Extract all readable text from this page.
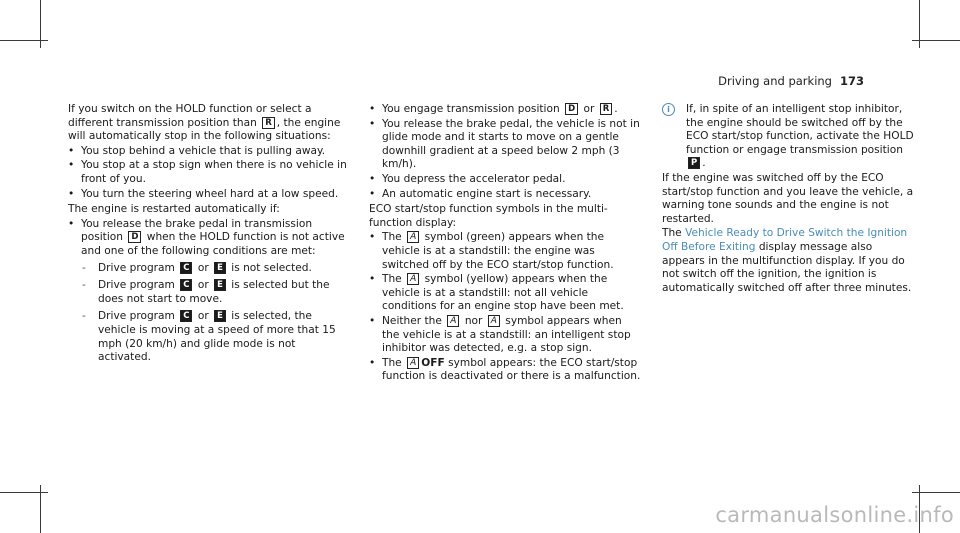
Driving and parking 173

If you switch on the HOLD function or select a different transmission position than R , the engine will automatically stop in the following situations:

• You stop behind a vehicle that is pulling away.
• You stop at a stop sign when there is no vehicle in front of you.
• You turn the steering wheel hard at a low speed.

The engine is restarted automatically if:

• You release the brake pedal in transmission position D when the HOLD function is not active and one of the following conditions are met:
- Drive program C or E is not selected.
- Drive program C or E is selected but the does not start to move.
- Drive program C or E is selected, the vehicle is moving at a speed of more that 15 mph (20 km/h) and glide mode is not activated.
• You engage transmission position D or R .
• You release the brake pedal, the vehicle is not in glide mode and it starts to move on a gentle downhill gradient at a speed below 2 mph (3 km/h).
• You depress the accelerator pedal.
• An automatic engine start is necessary.

ECO start/stop function symbols in the multi-function display:

• The A symbol (green) appears when the vehicle is at a standstill: the engine was switched off by the ECO start/stop function.
• The A symbol (yellow) appears when the vehicle is at a standstill: not all vehicle conditions for an engine stop have been met.
• Neither the A nor A symbol appears when the vehicle is at a standstill: an intelligent stop inhibitor was detected, e.g. a stop sign.
• The A OFF symbol appears: the ECO start/stop function is deactivated or there is a malfunction.
i	If, in spite of an intelligent stop inhibitor, the engine should be switched off by the ECO start/stop function, activate the HOLD function or engage transmission position P .

If the engine was switched off by the ECO start/stop function and you leave the vehicle, a warning tone sounds and the engine is not restarted.

The Vehicle Ready to Drive Switch the Ignition Off Before Exiting display message also appears in the multifunction display. If you do not switch off the ignition, the ignition is automatically switched off after three minutes.

carmanualsonline.info
